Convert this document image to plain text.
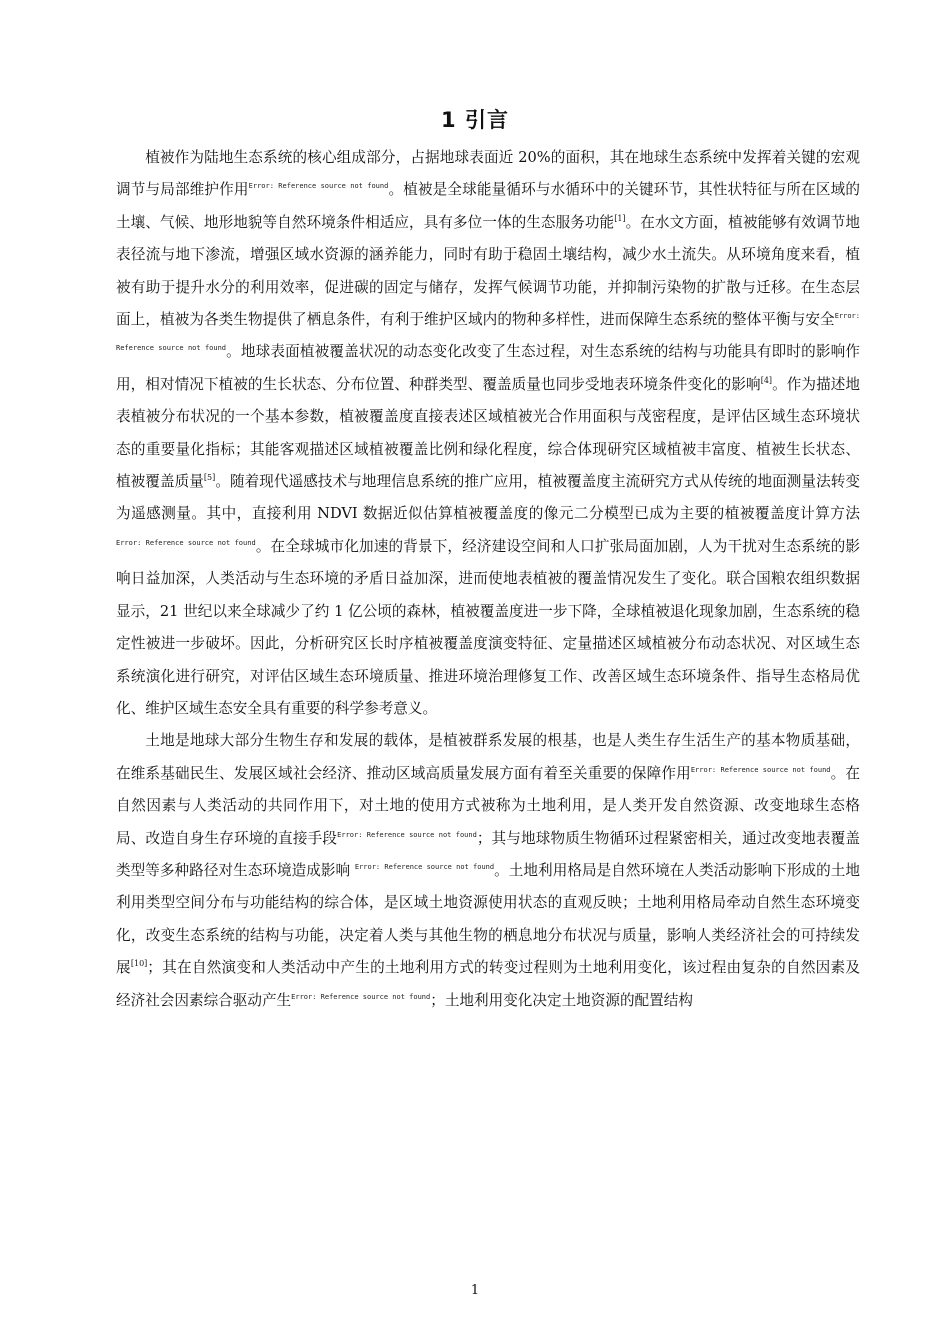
1 引言

植被作为陆地生态系统的核心组成部分，占据地球表面近 20%的面积，其在地球生态系统中发挥着关键的宏观调节与局部维护作用$^{Error: Reference source not found}$。植被是全球能量循环与水循环中的关键环节，其性状特征与所在区域的土壤、气候、地形地貌等自然环境条件相适应，具有多位一体的生态服务功能[1]。在水文方面，植被能够有效调节地表径流与地下渗流，增强区域水资源的涵养能力，同时有助于稳固土壤结构，减少水土流失。从环境角度来看，植被有助于提升水分的利用效率，促进碳的固定与储存，发挥气候调节功能，并抑制污染物的扩散与迁移。在生态层面上，植被为各类生物提供了栖息条件，有利于维护区域内的物种多样性，进而保障生态系统的整体平衡与安全$^{Error: Reference source not found}$。地球表面植被覆盖状况的动态变化改变了生态过程，对生态系统的结构与功能具有即时的影响作用，相对情况下植被的生长状态、分布位置、种群类型、覆盖质量也同步受地表环境条件变化的影响[4]。作为描述地表植被分布状况的一个基本参数，植被覆盖度直接表述区域植被光合作用面积与茂密程度，是评估区域生态环境状态的重要量化指标；其能客观描述区域植被覆盖比例和绿化程度，综合体现研究区域植被丰富度、植被生长状态、植被覆盖质量[5]。随着现代遥感技术与地理信息系统的推广应用，植被覆盖度主流研究方式从传统的地面测量法转变为遥感测量。其中，直接利用 NDVI 数据近似估算植被覆盖度的像元二分模型已成为主要的植被覆盖度计算方法$^{Error: Reference source not found}$。在全球城市化加速的背景下，经济建设空间和人口扩张局面加剧，人为干扰对生态系统的影响日益加深，人类活动与生态环境的矛盾日益加深，进而使地表植被的覆盖情况发生了变化。联合国粮农组织数据显示，21 世纪以来全球减少了约 1 亿公顷的森林，植被覆盖度进一步下降，全球植被退化现象加剧，生态系统的稳定性被进一步破坏。因此，分析研究区长时序植被覆盖度演变特征、定量描述区域植被分布动态状况、对区域生态系统演化进行研究，对评估区域生态环境质量、推进环境治理修复工作、改善区域生态环境条件、指导生态格局优化、维护区域生态安全具有重要的科学参考意义。

土地是地球大部分生物生存和发展的载体，是植被群系发展的根基，也是人类生存生活生产的基本物质基础，在维系基础民生、发展区域社会经济、推动区域高质量发展方面有着至关重要的保障作用$^{Error: Reference source not found}$。在自然因素与人类活动的共同作用下，对土地的使用方式被称为土地利用，是人类开发自然资源、改变地球生态格局、改造自身生存环境的直接手段$^{Error: Reference source not found}$；其与地球物质生物循环过程紧密相关，通过改变地表覆盖类型等多种路径对生态环境造成影响 $^{Error: Reference source not found}$。土地利用格局是自然环境在人类活动影响下形成的土地利用类型空间分布与功能结构的综合体，是区域土地资源使用状态的直观反映；土地利用格局牵动自然生态环境变化，改变生态系统的结构与功能，决定着人类与其他生物的栖息地分布状况与质量，影响人类经济社会的可持续发展[10]；其在自然演变和人类活动中产生的土地利用方式的转变过程则为土地利用变化，该过程由复杂的自然因素及经济社会因素综合驱动产生$^{Error: Reference source not found}$；土地利用变化决定土地资源的配置结构

1
